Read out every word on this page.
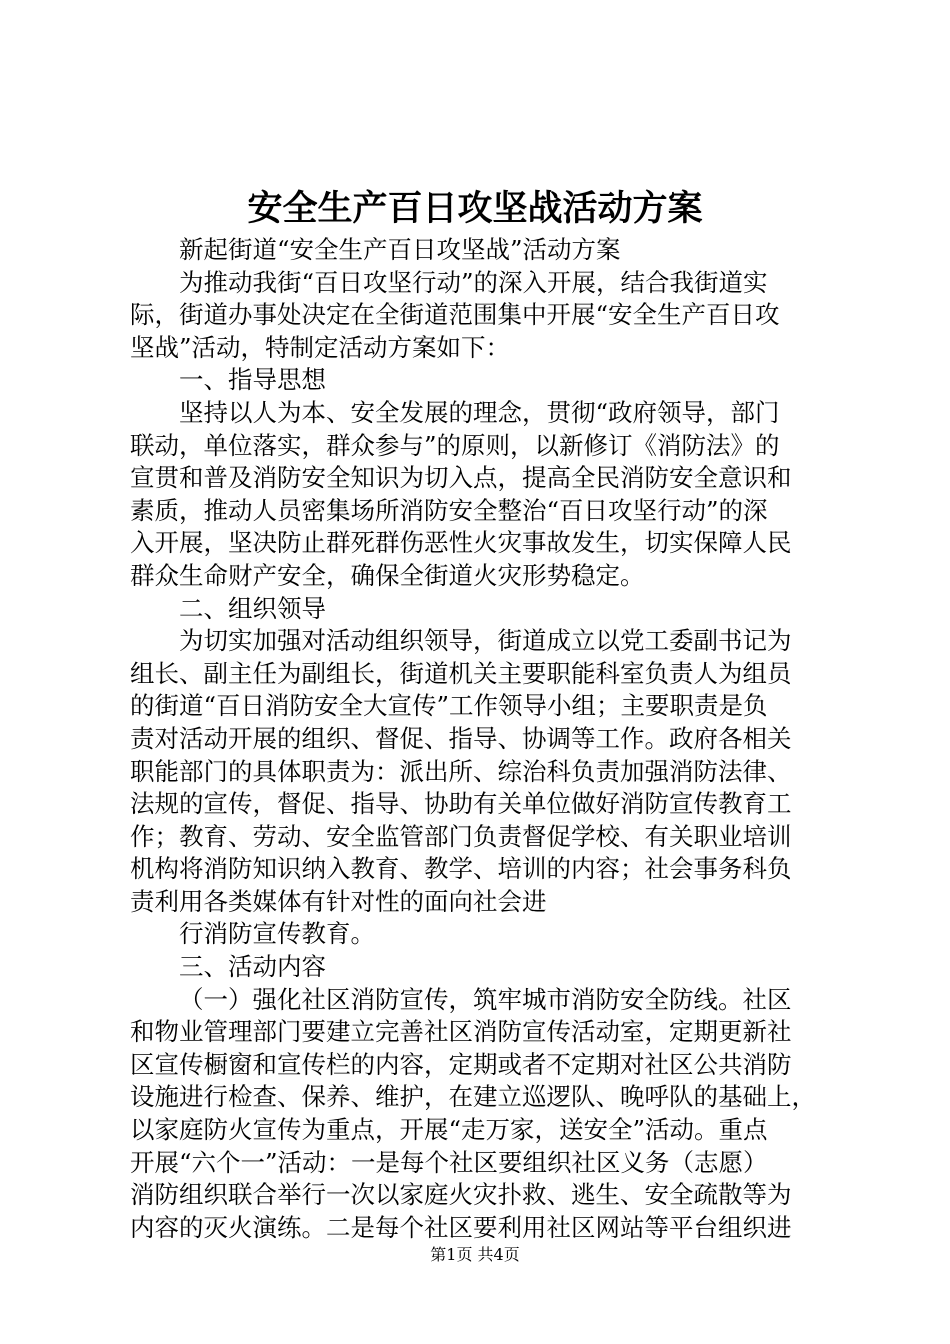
安全生产百日攻坚战活动方案
新起街道“安全生产百日攻坚战”活动方案
为推动我街“百日攻坚行动”的深入开展，结合我街道实
际，街道办事处决定在全街道范围集中开展“安全生产百日攻
坚战”活动，特制定活动方案如下：
一、指导思想
坚持以人为本、安全发展的理念，贯彻“政府领导，部门
联动，单位落实，群众参与”的原则，以新修订《消防法》的
宣贯和普及消防安全知识为切入点，提高全民消防安全意识和
素质，推动人员密集场所消防安全整治“百日攻坚行动”的深
入开展，坚决防止群死群伤恶性火灾事故发生，切实保障人民
群众生命财产安全，确保全街道火灾形势稳定。
二、组织领导
为切实加强对活动组织领导，街道成立以党工委副书记为
组长、副主任为副组长，街道机关主要职能科室负责人为组员
的街道“百日消防安全大宣传”工作领导小组；主要职责是负
责对活动开展的组织、督促、指导、协调等工作。政府各相关
职能部门的具体职责为：派出所、综治科负责加强消防法律、
法规的宣传，督促、指导、协助有关单位做好消防宣传教育工
作；教育、劳动、安全监管部门负责督促学校、有关职业培训
机构将消防知识纳入教育、教学、培训的内容；社会事务科负
责利用各类媒体有针对性的面向社会进
行消防宣传教育。
三、活动内容
（一）强化社区消防宣传，筑牢城市消防安全防线。社区
和物业管理部门要建立完善社区消防宣传活动室，定期更新社
区宣传橱窗和宣传栏的内容，定期或者不定期对社区公共消防
设施进行检查、保养、维护，在建立巡逻队、晚呼队的基础上，
以家庭防火宣传为重点，开展“走万家，送安全”活动。重点
开展“六个一”活动：一是每个社区要组织社区义务（志愿）
消防组织联合举行一次以家庭火灾扑救、逃生、安全疏散等为
内容的灭火演练。二是每个社区要利用社区网站等平台组织进
第1页 共4页
